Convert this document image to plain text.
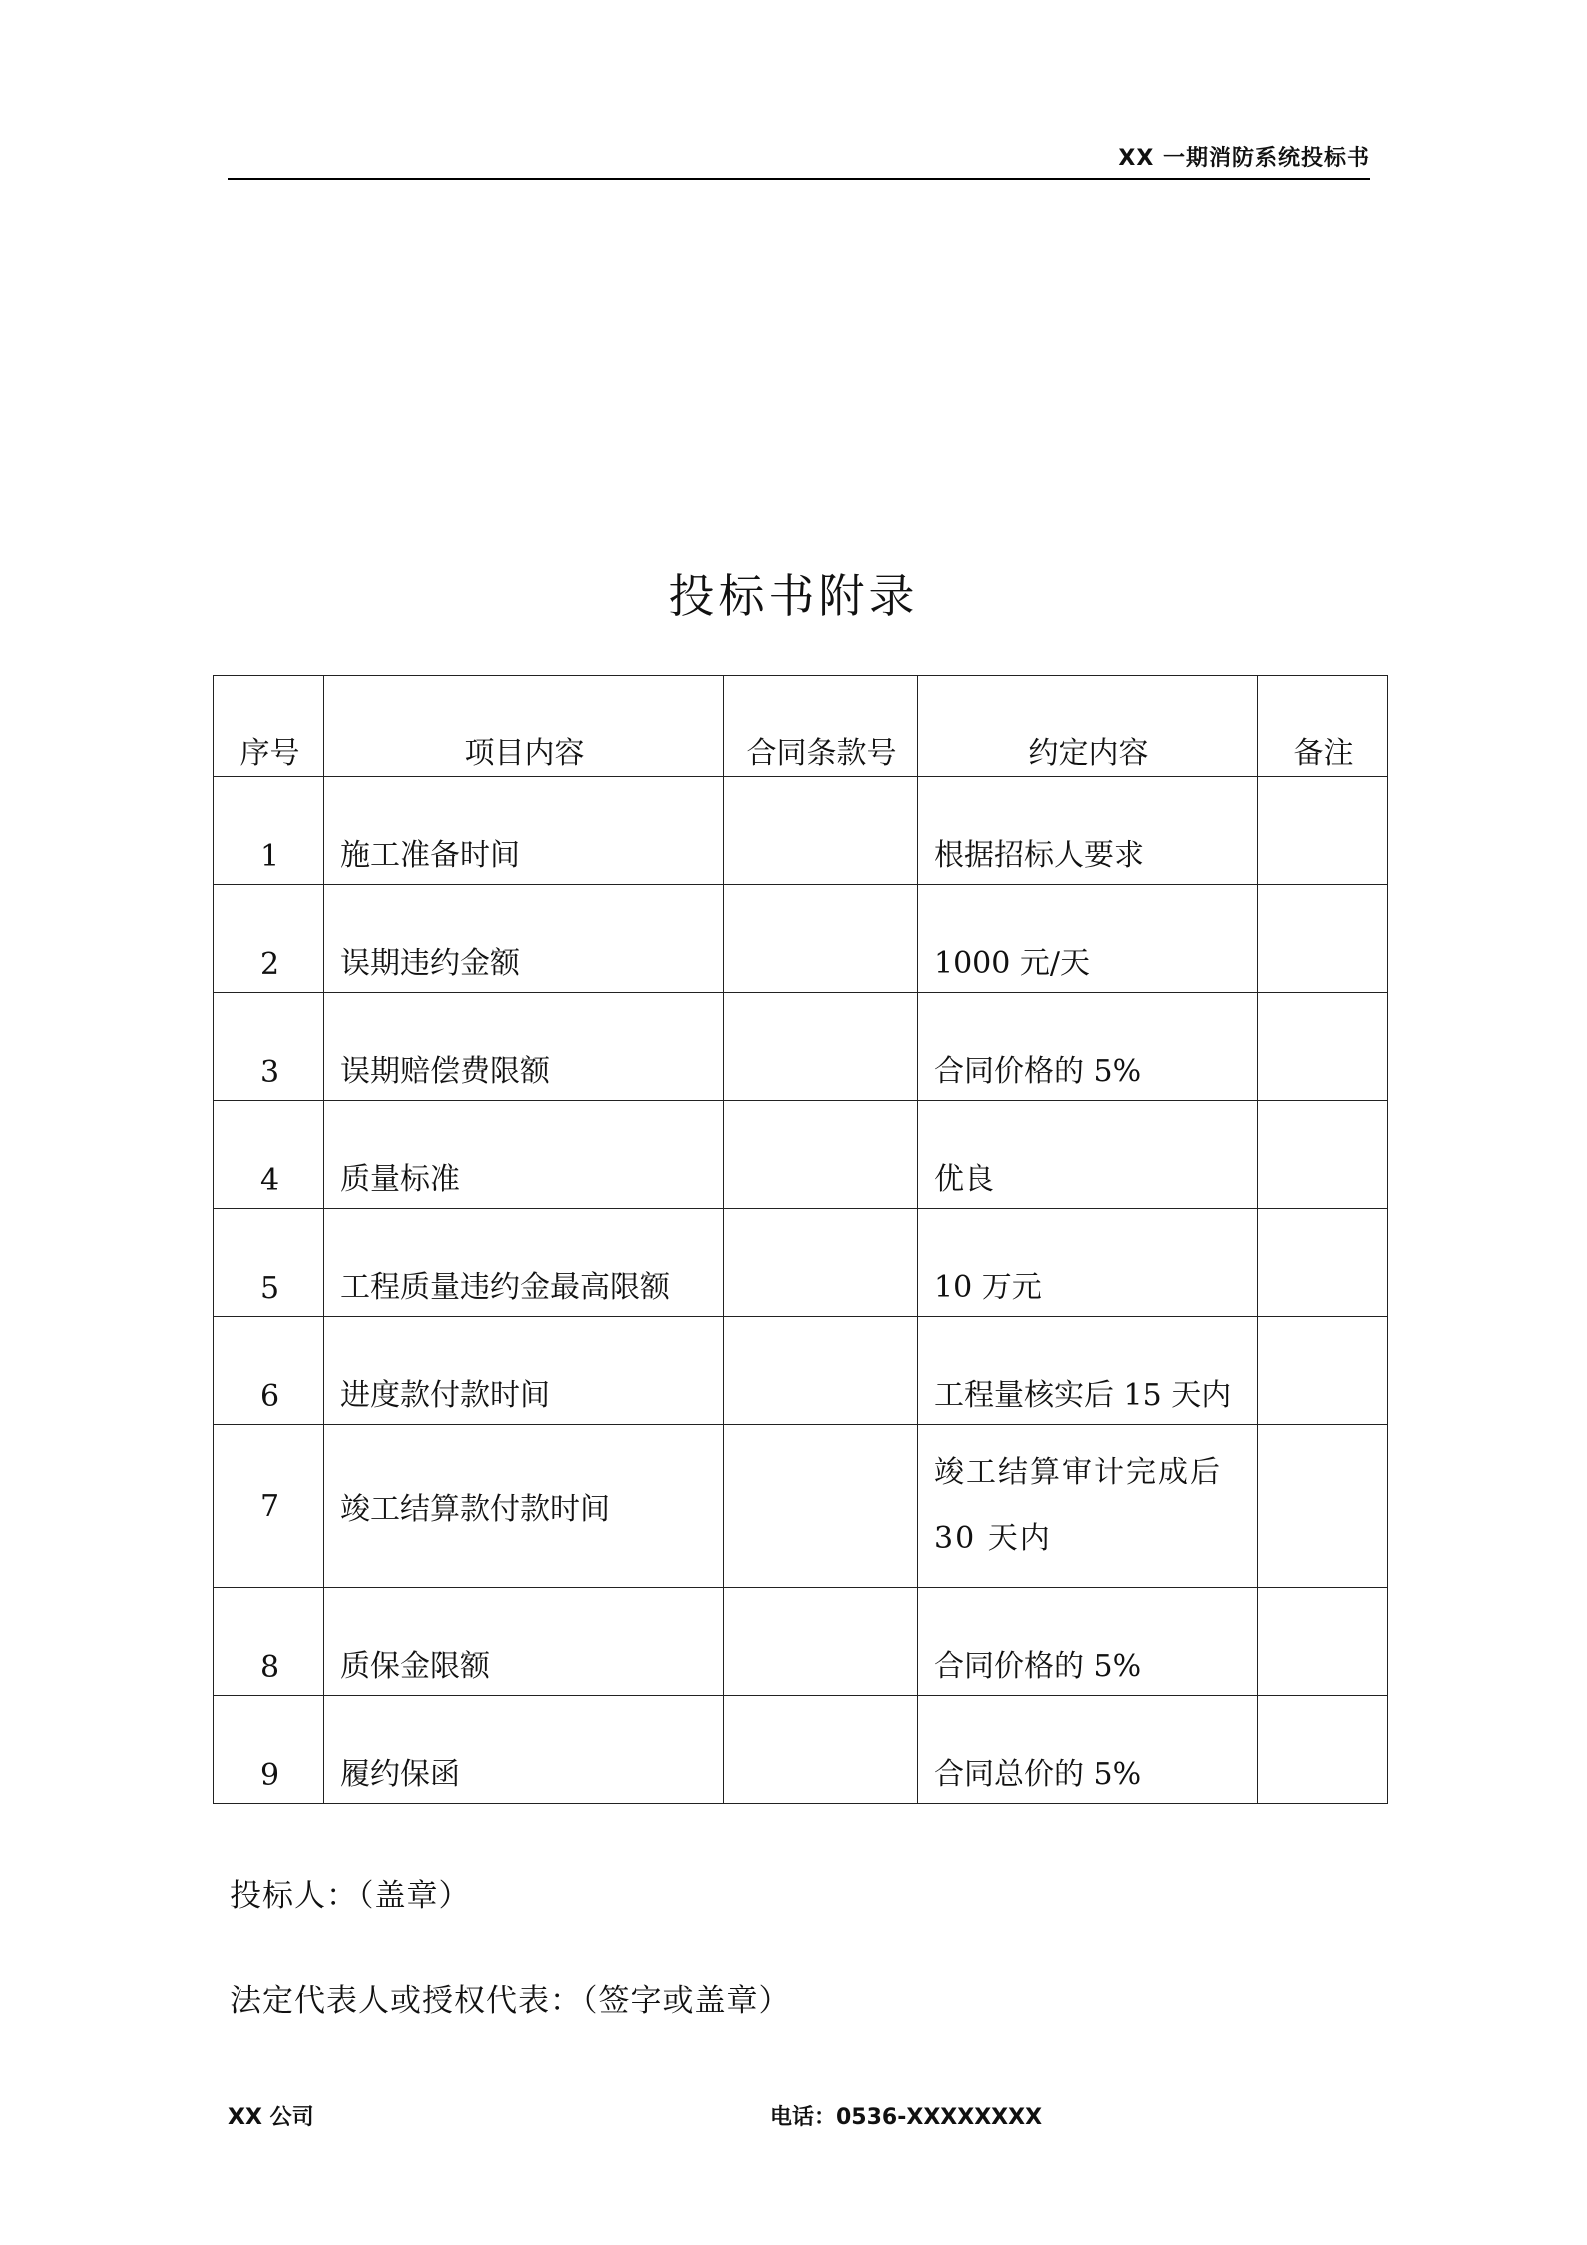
XX 一期消防系统投标书
投标书附录
序号	项目内容	合同条款号	约定内容	备注
1	施工准备时间		根据招标人要求	
2	误期违约金额		1000 元/天	
3	误期赔偿费限额		合同价格的 5%	
4	质量标准		优良	
5	工程质量违约金最高限额		10 万元	
6	进度款付款时间		工程量核实后 15 天内	
7	竣工结算款付款时间		竣工结算审计完成后
30 天内	

8	质保金限额		合同价格的 5%	
9	履约保函		合同总价的 5%	
投标人：（盖章）
法定代表人或授权代表：（签字或盖章）
XX 公司	电话：0536-XXXXXXXX
